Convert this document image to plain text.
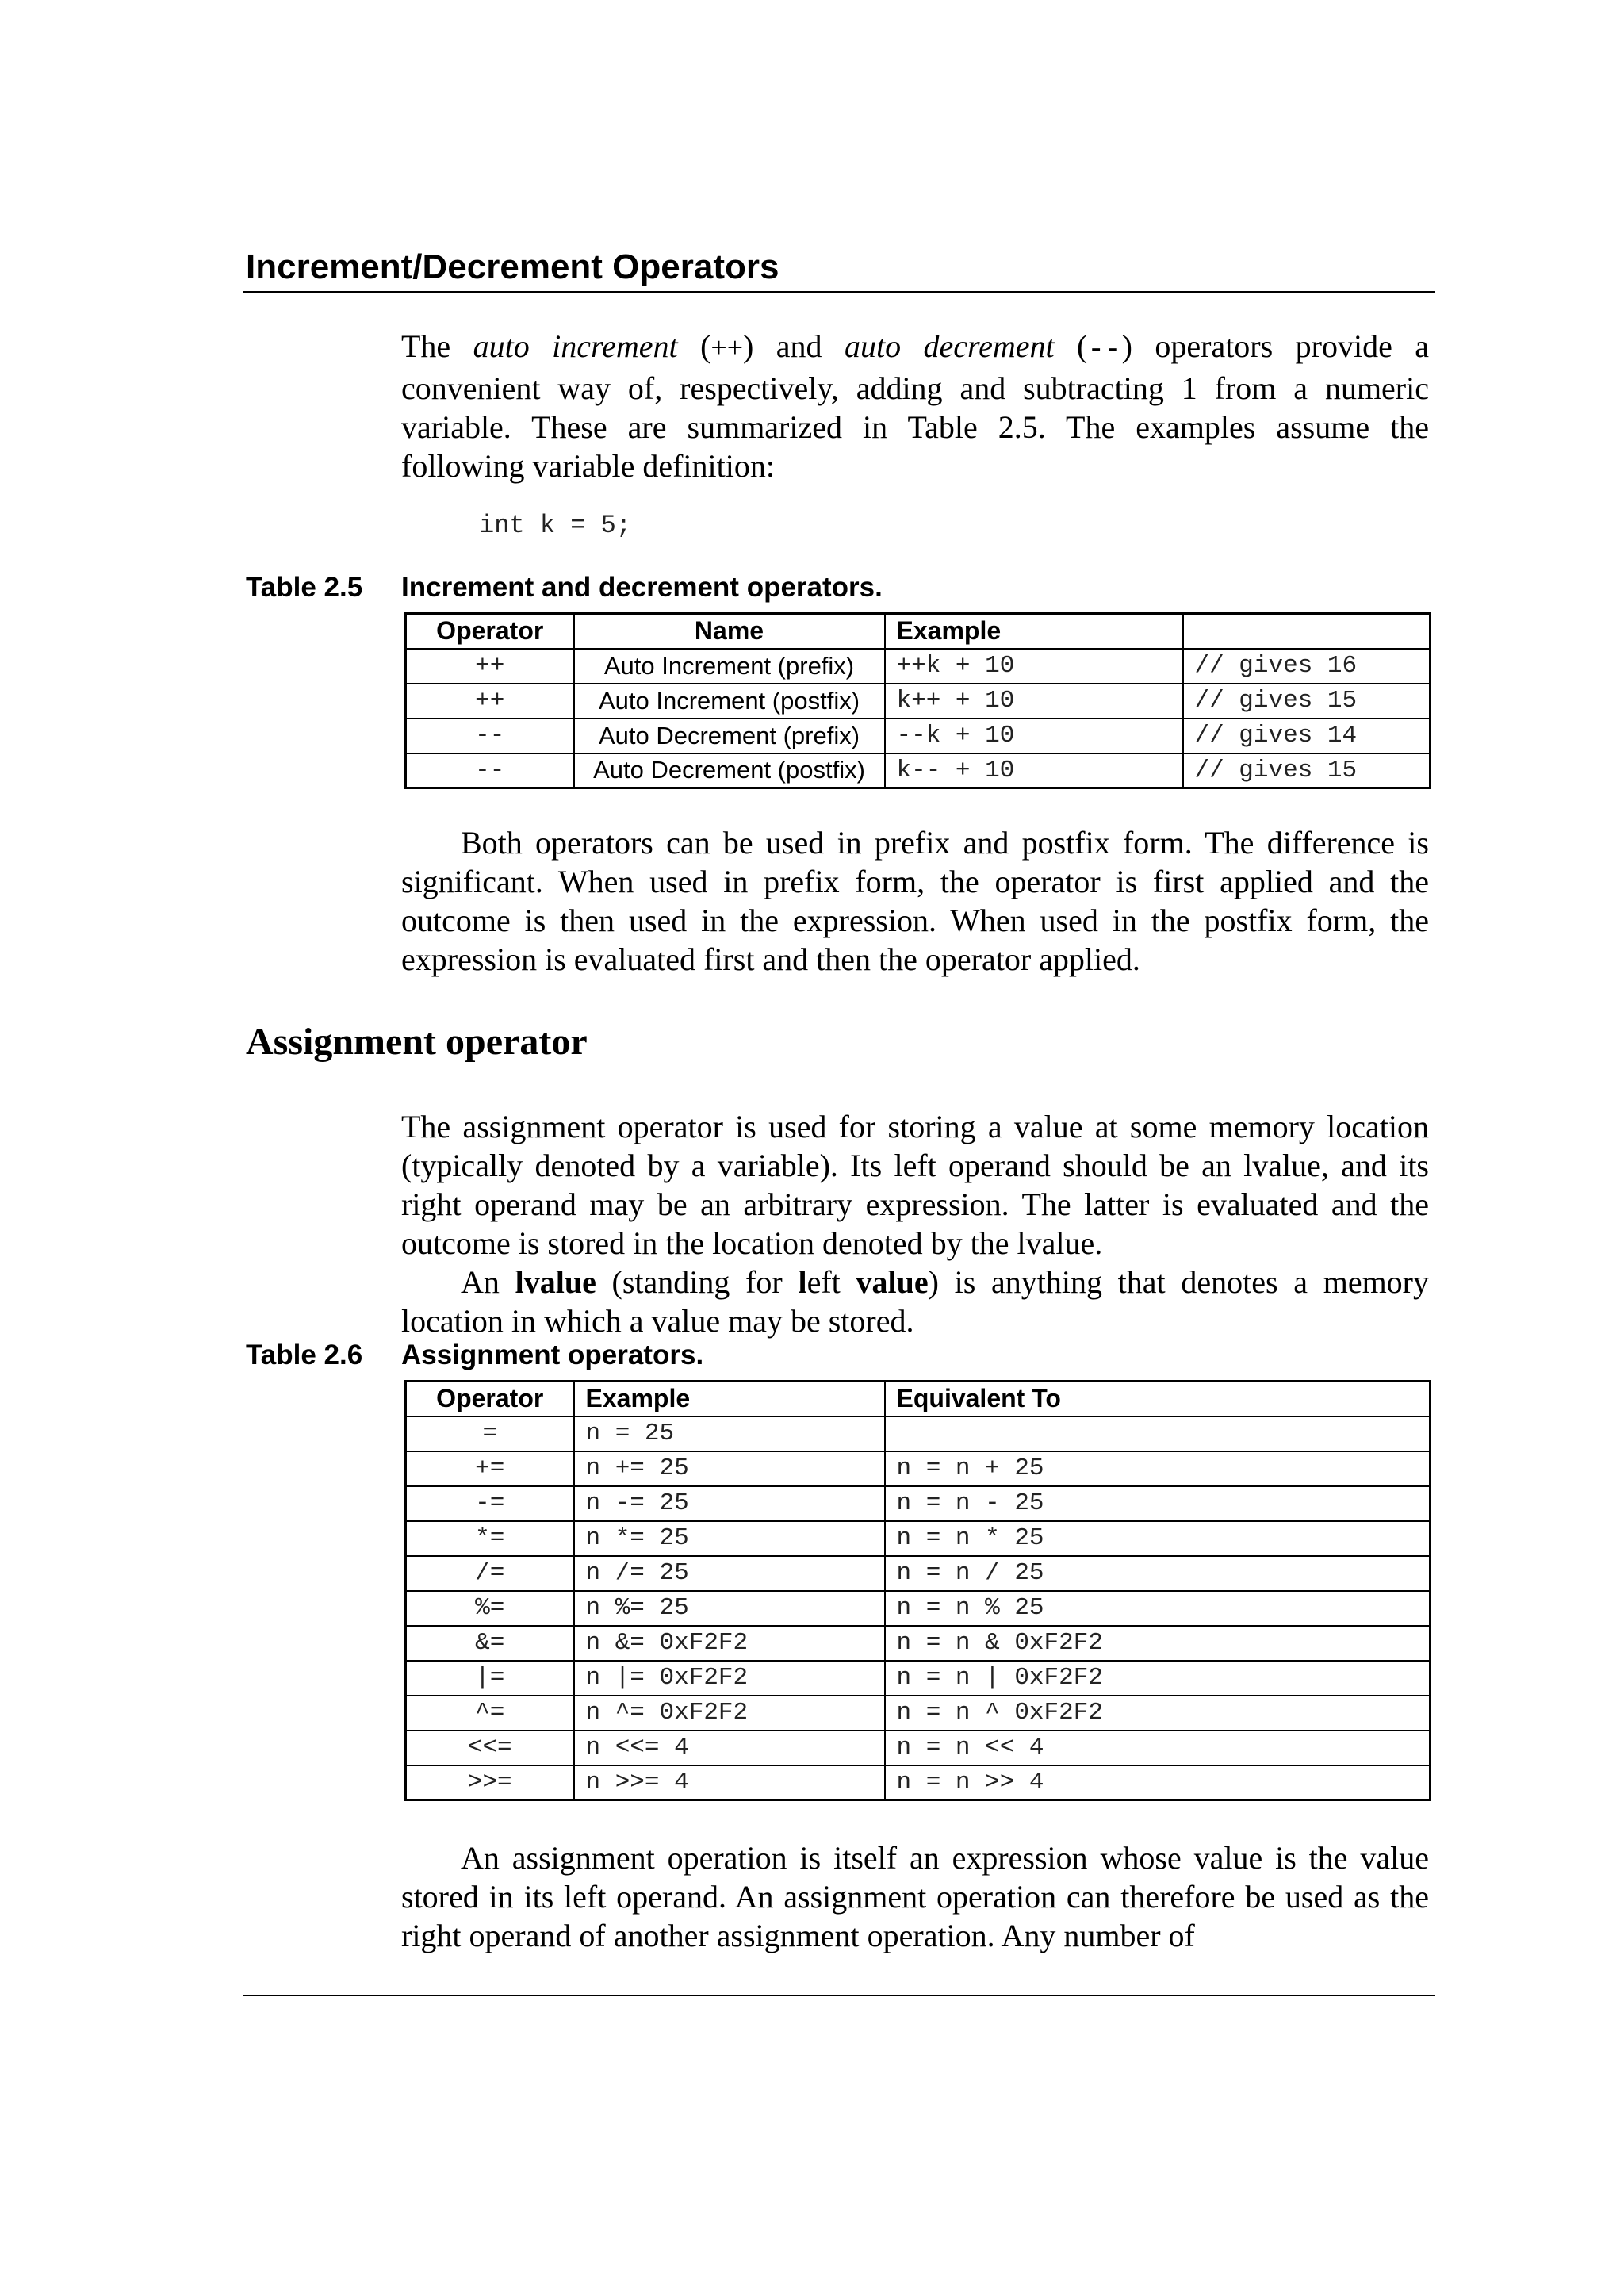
Increment/Decrement Operators

The auto increment (++) and auto decrement (--) operators provide a convenient way of, respectively, adding and subtracting 1 from a numeric variable. These are summarized in Table 2.5. The examples assume the following variable definition:

int k = 5;

Table 2.5 Increment and decrement operators.

Operator	Name	Example	
++	Auto Increment (prefix)	++k + 10	// gives 16
++	Auto Increment (postfix)	k++ + 10	// gives 15
--	Auto Decrement (prefix)	--k + 10	// gives 14
--	Auto Decrement (postfix)	k-- + 10	// gives 15

Both operators can be used in prefix and postfix form. The difference is significant. When used in prefix form, the operator is first applied and the outcome is then used in the expression. When used in the postfix form, the expression is evaluated first and then the operator applied.

Assignment operator

The assignment operator is used for storing a value at some memory location (typically denoted by a variable). Its left operand should be an lvalue, and its right operand may be an arbitrary expression. The latter is evaluated and the outcome is stored in the location denoted by the lvalue.

An lvalue (standing for left value) is anything that denotes a memory location in which a value may be stored.

Table 2.6 Assignment operators.

Operator	Example	Equivalent To
=	n = 25	
+=	n += 25	n = n + 25
-=	n -= 25	n = n - 25
*=	n *= 25	n = n * 25
/=	n /= 25	n = n / 25
%=	n %= 25	n = n % 25
&=	n &= 0xF2F2	n = n & 0xF2F2
|=	n |= 0xF2F2	n = n | 0xF2F2
^=	n ^= 0xF2F2	n = n ^ 0xF2F2
<<=	n <<= 4	n = n << 4
>>=	n >>= 4	n = n >> 4

An assignment operation is itself an expression whose value is the value stored in its left operand. An assignment operation can therefore be used as the right operand of another assignment operation. Any number of
